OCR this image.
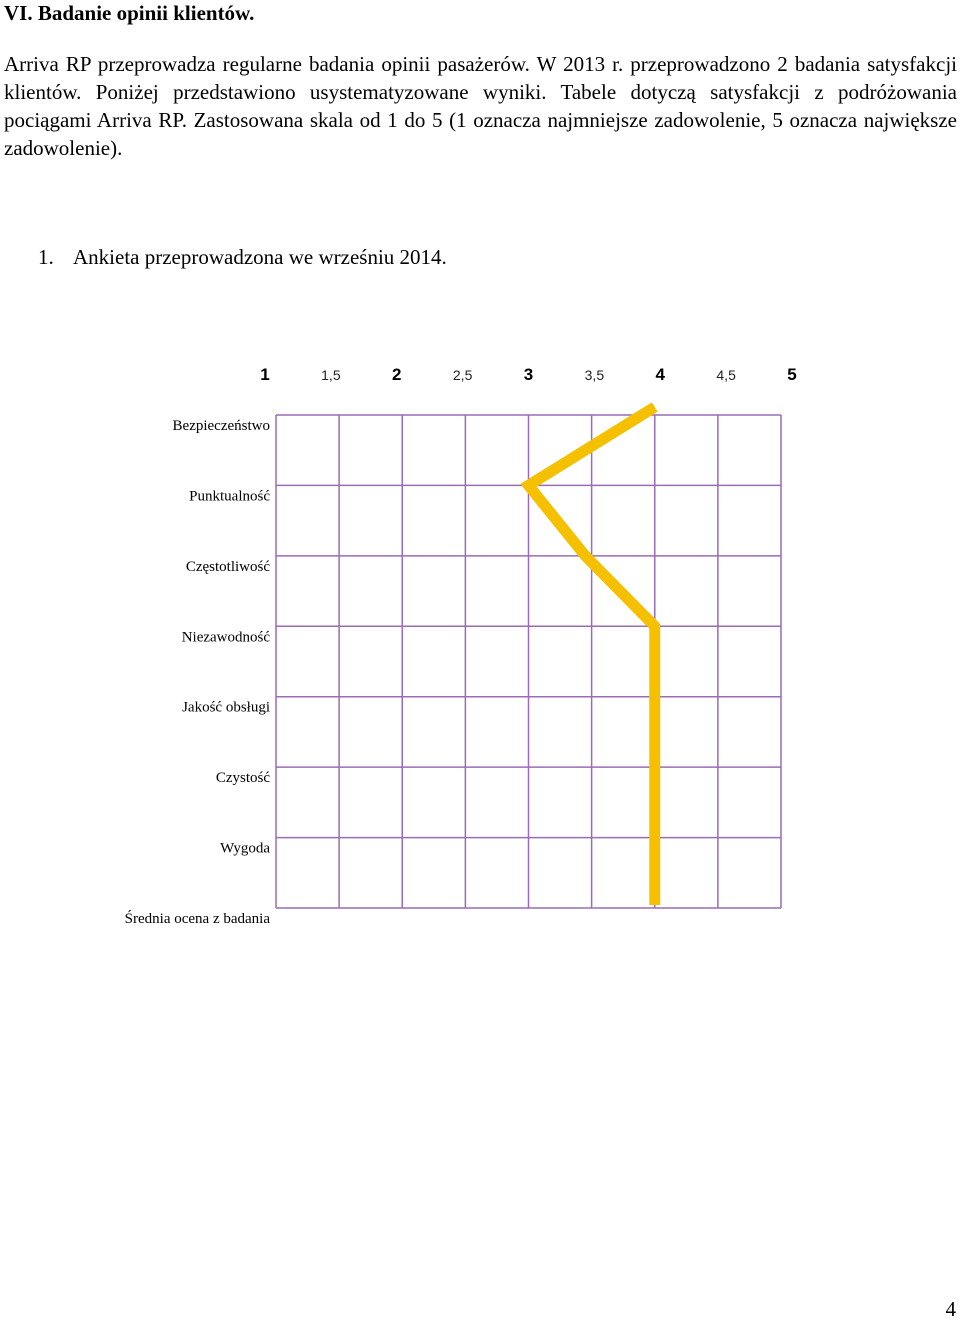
VI. Badanie opinii klientów.

Arriva RP przeprowadza regularne badania opinii pasażerów. W 2013 r. przeprowadzono 2 badania satysfakcji klientów. Poniżej przedstawiono usystematyzowane wyniki. Tabele dotyczą satysfakcji z podróżowania pociągami Arriva RP. Zastosowana skala od 1 do 5 (1 oznacza najmniejsze zadowolenie, 5 oznacza największe zadowolenie).

1. Ankieta przeprowadzona we wrześniu 2014.
1	1,5	2	2,5	3	3,5	4	4,5	5
Bezpieczeństwo
Punktualność
Częstotliwość
Niezawodność
Jakość obsługi
Czystość
Wygoda
Średnia ocena z badania
4
